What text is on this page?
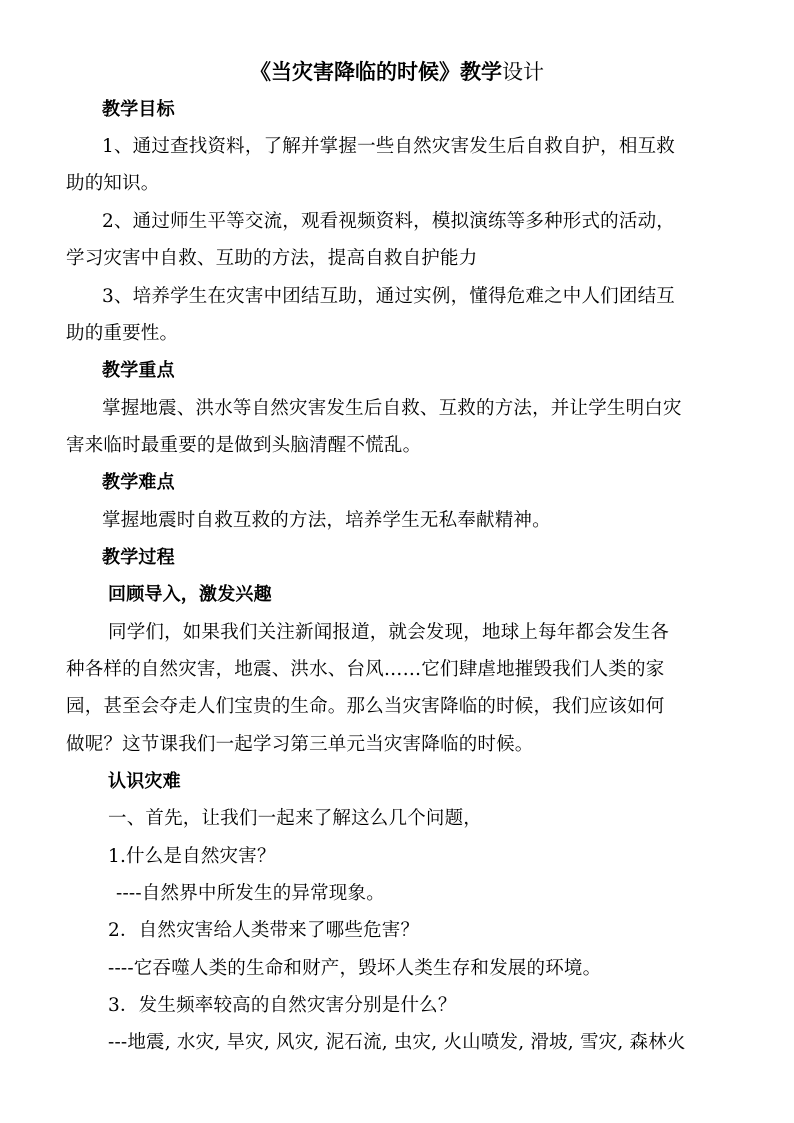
《当灾害降临的时候》教学设计
教学目标
1、通过查找资料，了解并掌握一些自然灾害发生后自救自护，相互救
助的知识。
2、通过师生平等交流，观看视频资料，模拟演练等多种形式的活动，
学习灾害中自救、互助的方法，提高自救自护能力
3、培养学生在灾害中团结互助，通过实例，懂得危难之中人们团结互
助的重要性。
教学重点
掌握地震、洪水等自然灾害发生后自救、互救的方法，并让学生明白灾
害来临时最重要的是做到头脑清醒不慌乱。
教学难点
掌握地震时自救互救的方法，培养学生无私奉献精神。
教学过程
回顾导入，激发兴趣
同学们，如果我们关注新闻报道，就会发现，地球上每年都会发生各
种各样的自然灾害，地震、洪水、台风……它们肆虐地摧毁我们人类的家
园，甚至会夺走人们宝贵的生命。那么当灾害降临的时候，我们应该如何
做呢？这节课我们一起学习第三单元当灾害降临的时候。
认识灾难
一、首先，让我们一起来了解这么几个问题，
1.什么是自然灾害？
----自然界中所发生的异常现象。
2．自然灾害给人类带来了哪些危害？
----它吞噬人类的生命和财产，毁坏人类生存和发展的环境。
3．发生频率较高的自然灾害分别是什么？
---地震, 水灾, 旱灾, 风灾, 泥石流, 虫灾, 火山喷发, 滑坡, 雪灾, 森林火
